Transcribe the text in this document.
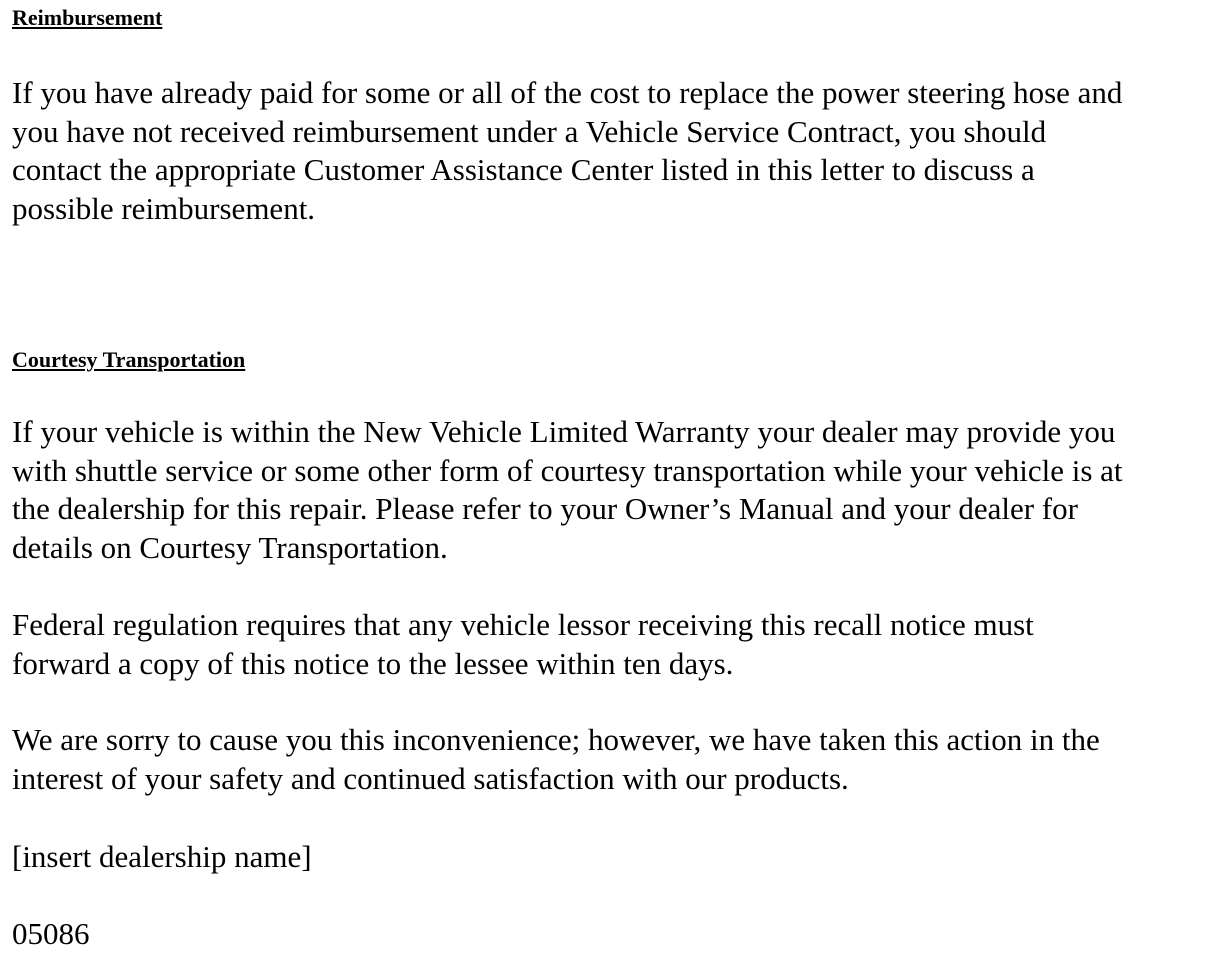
Reimbursement

If you have already paid for some or all of the cost to replace the power steering hose and
you have not received reimbursement under a Vehicle Service Contract, you should
contact the appropriate Customer Assistance Center listed in this letter to discuss a
possible reimbursement.

Courtesy Transportation

If your vehicle is within the New Vehicle Limited Warranty your dealer may provide you
with shuttle service or some other form of courtesy transportation while your vehicle is at
the dealership for this repair. Please refer to your Owner’s Manual and your dealer for
details on Courtesy Transportation.

Federal regulation requires that any vehicle lessor receiving this recall notice must
forward a copy of this notice to the lessee within ten days.

We are sorry to cause you this inconvenience; however, we have taken this action in the
interest of your safety and continued satisfaction with our products.

[insert dealership name]

05086
